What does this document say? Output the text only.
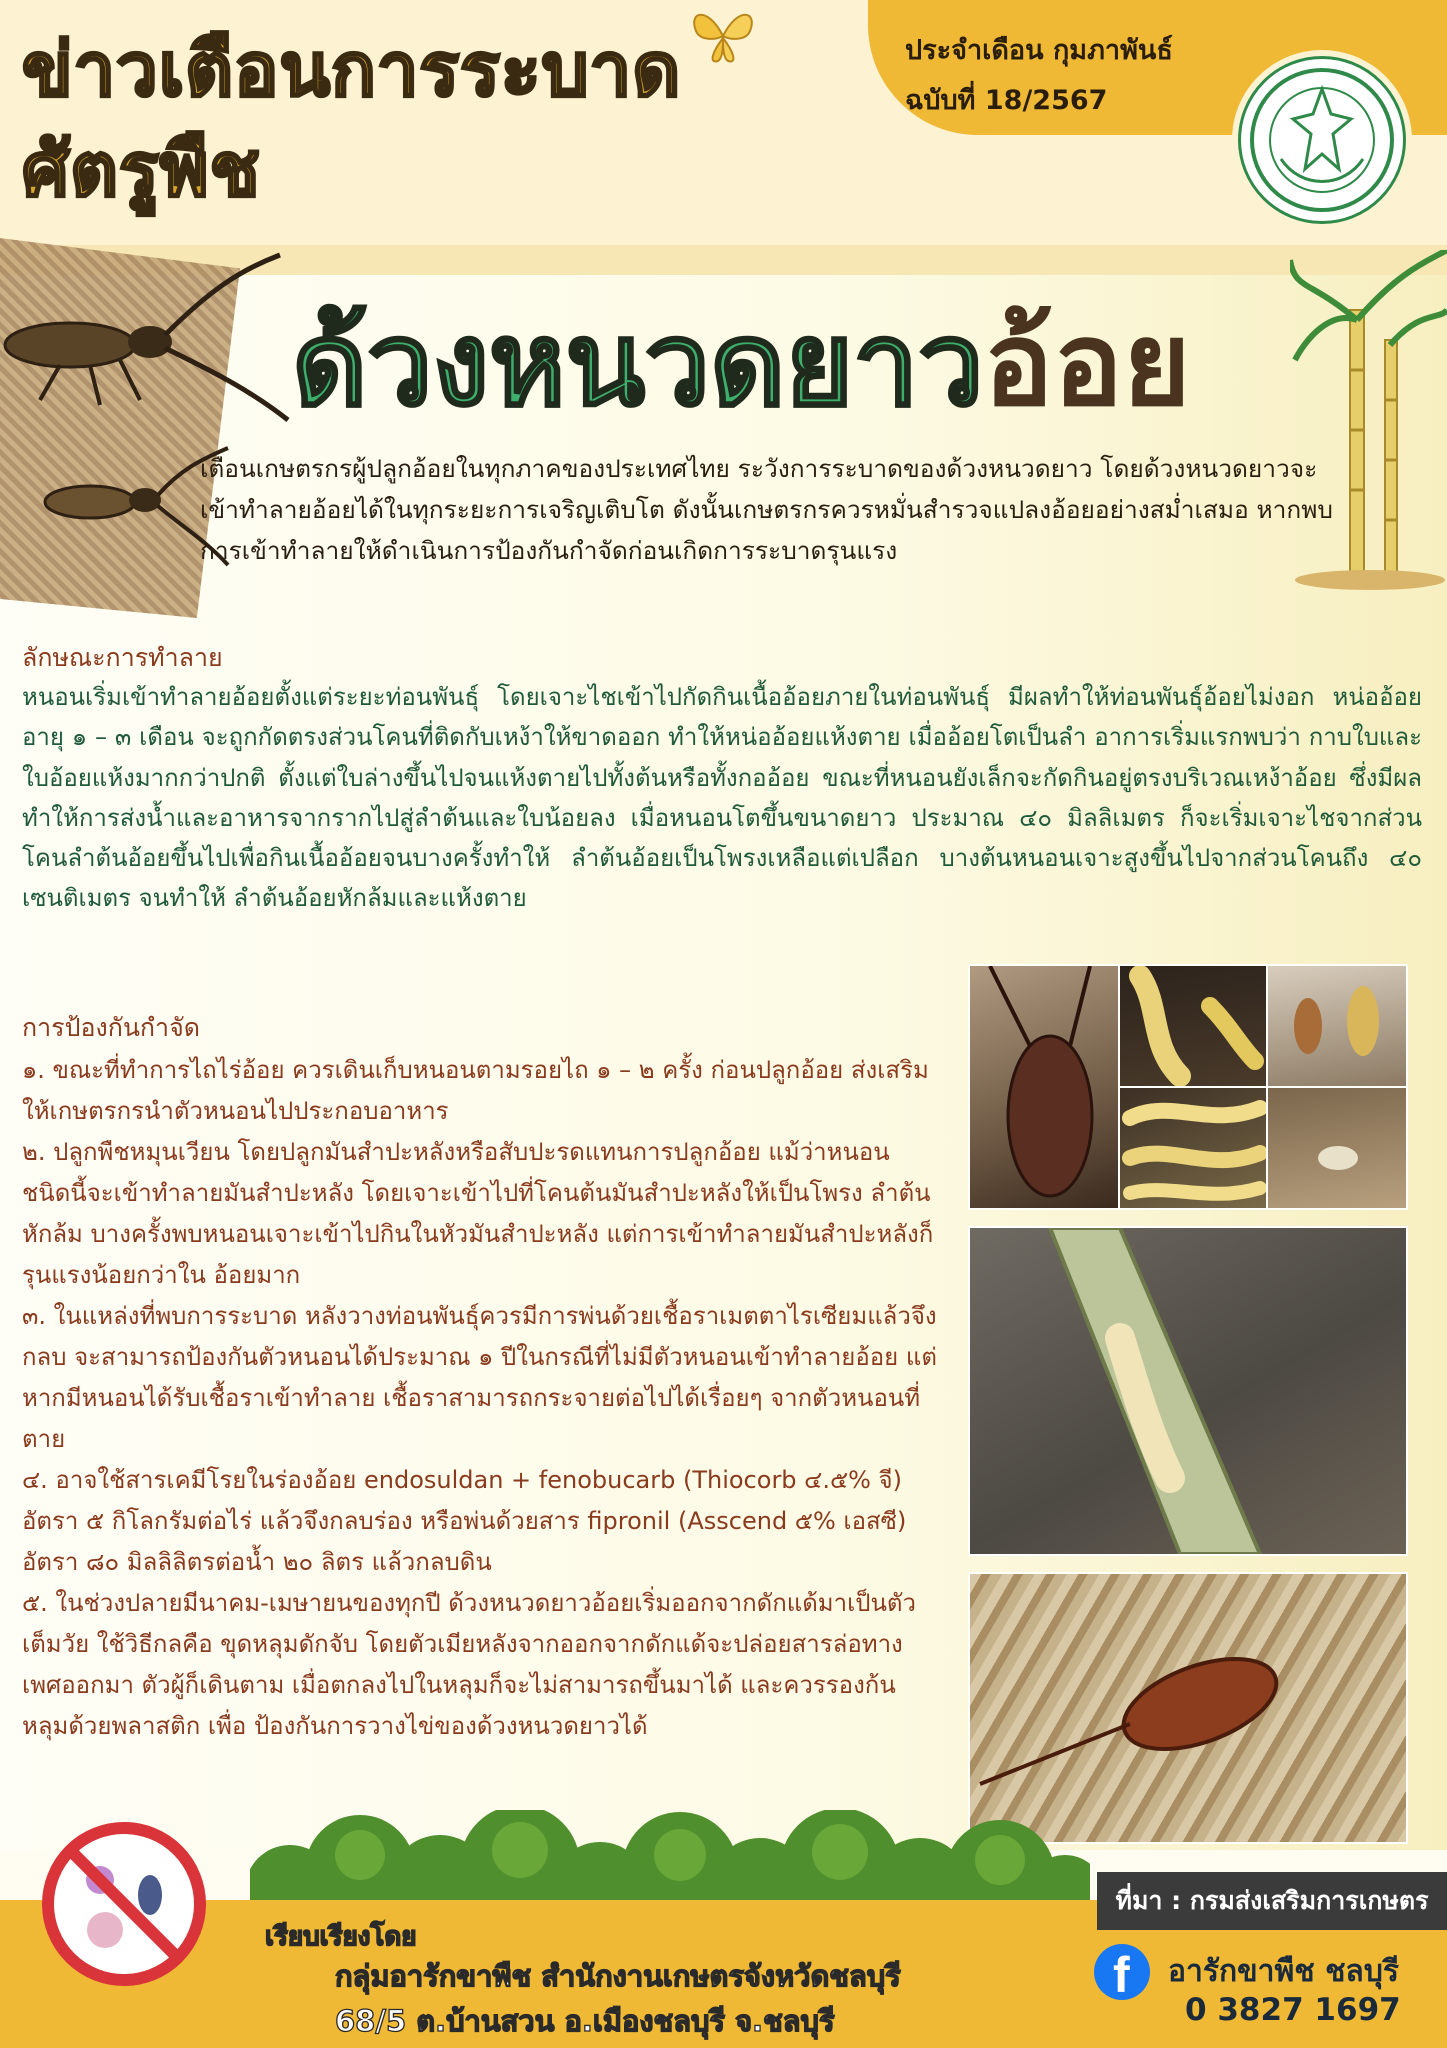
ข่าวเตือนการระบาด
ศัตรูพืช
ประจำเดือน กุมภาพันธ์
ฉบับที่ 18/2567
ด้วงหนวดยาวอ้อย
เตือนเกษตรกรผู้ปลูกอ้อยในทุกภาคของประเทศไทย ระวังการระบาดของด้วงหนวดยาว โดยด้วงหนวดยาวจะเข้าทำลายอ้อยได้ในทุกระยะการเจริญเติบโต ดังนั้นเกษตรกรควรหมั่นสำรวจแปลงอ้อยอย่างสม่ำเสมอ หากพบการเข้าทำลายให้ดำเนินการป้องกันกำจัดก่อนเกิดการระบาดรุนแรง
ลักษณะการทำลาย

หนอนเริ่มเข้าทำลายอ้อยตั้งแต่ระยะท่อนพันธุ์ โดยเจาะไชเข้าไปกัดกินเนื้ออ้อยภายในท่อนพันธุ์ มีผลทำให้ท่อนพันธุ์อ้อยไม่งอก หน่ออ้อยอายุ ๑ – ๓ เดือน จะถูกกัดตรงส่วนโคนที่ติดกับเหง้าให้ขาดออก ทำให้หน่ออ้อยแห้งตาย เมื่ออ้อยโตเป็นลำ อาการเริ่มแรกพบว่า กาบใบและใบอ้อยแห้งมากกว่าปกติ ตั้งแต่ใบล่างขึ้นไปจนแห้งตายไปทั้งต้นหรือทั้งกออ้อย ขณะที่หนอนยังเล็กจะกัดกินอยู่ตรงบริเวณเหง้าอ้อย ซึ่งมีผลทำให้การส่งน้ำและอาหารจากรากไปสู่ลำต้นและใบน้อยลง เมื่อหนอนโตขึ้นขนาดยาว ประมาณ ๔๐ มิลลิเมตร ก็จะเริ่มเจาะไชจากส่วนโคนลำต้นอ้อยขึ้นไปเพื่อกินเนื้ออ้อยจนบางครั้งทำให้ ลำต้นอ้อยเป็นโพรงเหลือแต่เปลือก บางต้นหนอนเจาะสูงขึ้นไปจากส่วนโคนถึง ๔๐ เซนติเมตร จนทำให้ ลำต้นอ้อยหักล้มและแห้งตาย

การป้องกันกำจัด
๑. ขณะที่ทำการไถไร่อ้อย ควรเดินเก็บหนอนตามรอยไถ ๑ – ๒ ครั้ง ก่อนปลูกอ้อย ส่งเสริม ให้เกษตรกรนำตัวหนอนไปประกอบอาหาร
๒. ปลูกพืชหมุนเวียน โดยปลูกมันสำปะหลังหรือสับปะรดแทนการปลูกอ้อย แม้ว่าหนอน ชนิดนี้จะเข้าทำลายมันสำปะหลัง โดยเจาะเข้าไปที่โคนต้นมันสำปะหลังให้เป็นโพรง ลำต้นหักล้ม บางครั้งพบหนอนเจาะเข้าไปกินในหัวมันสำปะหลัง แต่การเข้าทำลายมันสำปะหลังก็รุนแรงน้อยกว่าใน อ้อยมาก
๓. ในแหล่งที่พบการระบาด หลังวางท่อนพันธุ์ควรมีการพ่นด้วยเชื้อราเมตตาไรเซียมแล้วจึงกลบ จะสามารถป้องกันตัวหนอนได้ประมาณ ๑ ปีในกรณีที่ไม่มีตัวหนอนเข้าทำลายอ้อย แต่หากมีหนอนได้รับเชื้อราเข้าทำลาย เชื้อราสามารถกระจายต่อไปได้เรื่อยๆ จากตัวหนอนที่ตาย
๔. อาจใช้สารเคมีโรยในร่องอ้อย endosuldan + fenobucarb (Thiocorb ๔.๕% จี) อัตรา ๕ กิโลกรัมต่อไร่ แล้วจึงกลบร่อง หรือพ่นด้วยสาร fipronil (Asscend ๕% เอสซี) อัตรา ๘๐ มิลลิลิตรต่อน้ำ ๒๐ ลิตร แล้วกลบดิน
๕. ในช่วงปลายมีนาคม-เมษายนของทุกปี ด้วงหนวดยาวอ้อยเริ่มออกจากดักแด้มาเป็นตัว เต็มวัย ใช้วิธีกลคือ ขุดหลุมดักจับ โดยตัวเมียหลังจากออกจากดักแด้จะปล่อยสารล่อทางเพศออกมา ตัวผู้ก็เดินตาม เมื่อตกลงไปในหลุมก็จะไม่สามารถขึ้นมาได้ และควรรองก้นหลุมด้วยพลาสติก เพื่อ ป้องกันการวางไข่ของด้วงหนวดยาวได้
ที่มา : กรมส่งเสริมการเกษตร
เรียบเรียงโดย
กลุ่มอารักขาพืช สำนักงานเกษตรจังหวัดชลบุรี
68/5 ต.บ้านสวน อ.เมืองชลบุรี จ.ชลบุรี
f อารักขาพืช ชลบุรี
0 3827 1697
